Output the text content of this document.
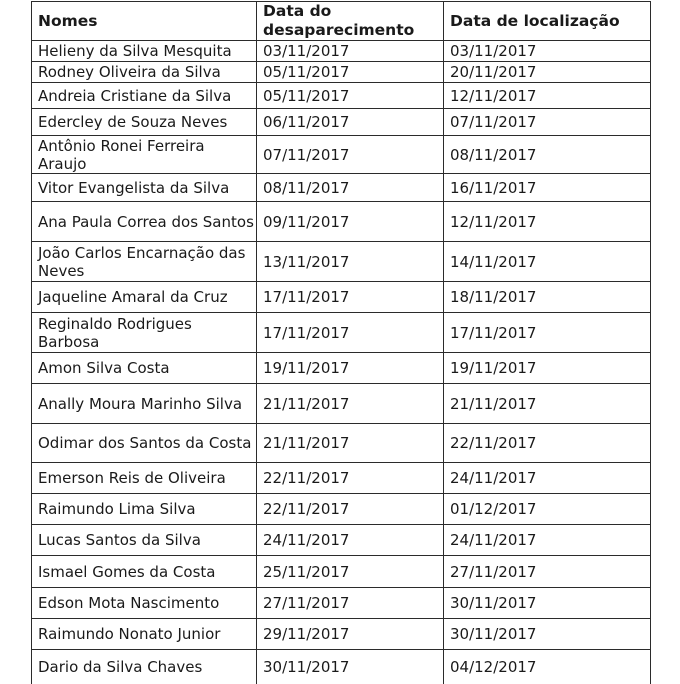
Nomes	Data do desaparecimento	Data de localização
Helieny da Silva Mesquita	03/11/2017	03/11/2017
Rodney Oliveira da Silva	05/11/2017	20/11/2017
Andreia Cristiane da Silva	05/11/2017	12/11/2017
Edercley de Souza Neves	06/11/2017	07/11/2017
Antônio Ronei Ferreira Araujo	07/11/2017	08/11/2017
Vitor Evangelista da Silva	08/11/2017	16/11/2017
Ana Paula Correa dos Santos	09/11/2017	12/11/2017
João Carlos Encarnação das Neves	13/11/2017	14/11/2017
Jaqueline Amaral da Cruz	17/11/2017	18/11/2017
Reginaldo Rodrigues Barbosa	17/11/2017	17/11/2017
Amon Silva Costa	19/11/2017	19/11/2017
Anally Moura Marinho Silva	21/11/2017	21/11/2017
Odimar dos Santos da Costa	21/11/2017	22/11/2017
Emerson Reis de Oliveira	22/11/2017	24/11/2017
Raimundo Lima Silva	22/11/2017	01/12/2017
Lucas Santos da Silva	24/11/2017	24/11/2017
Ismael Gomes da Costa	25/11/2017	27/11/2017
Edson Mota Nascimento	27/11/2017	30/11/2017
Raimundo Nonato Junior	29/11/2017	30/11/2017
Dario da Silva Chaves	30/11/2017	04/12/2017
